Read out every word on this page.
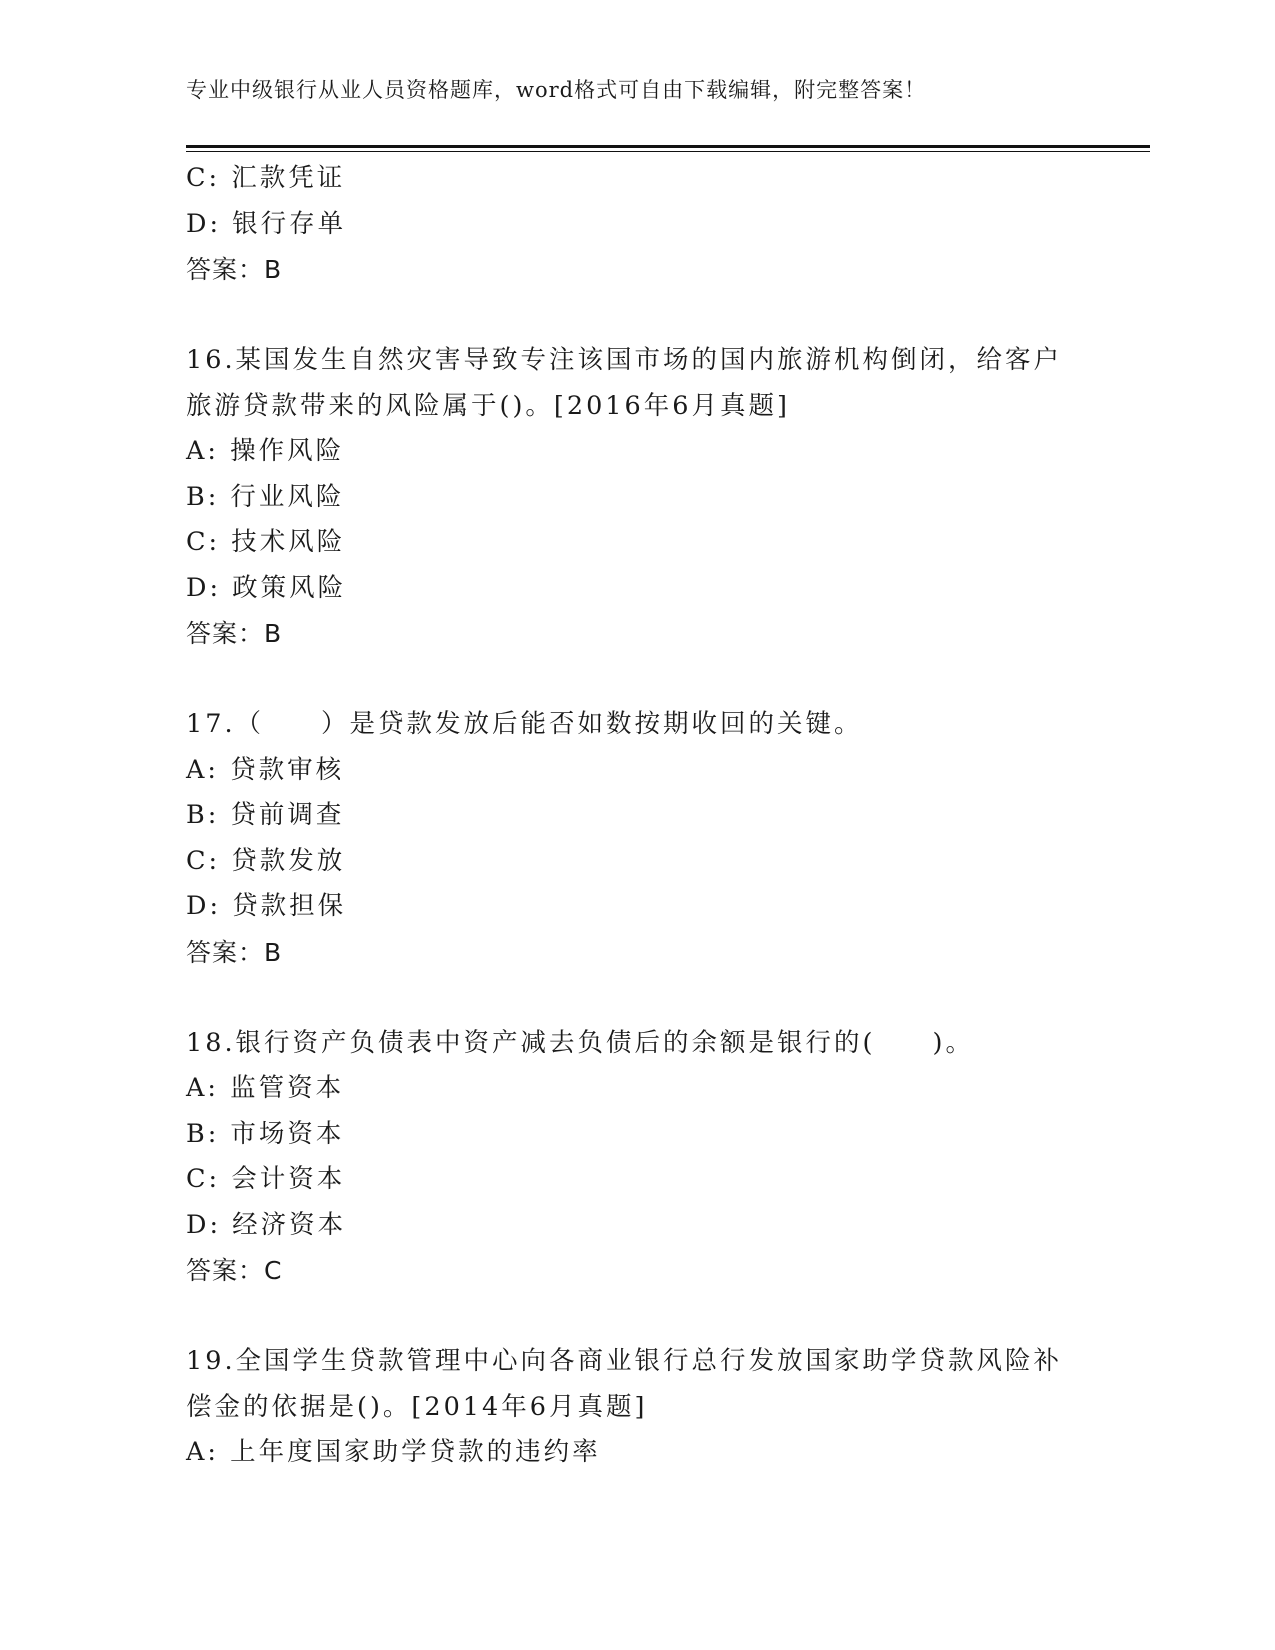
专业中级银行从业人员资格题库，word格式可自由下载编辑，附完整答案！
C: 汇款凭证
D: 银行存单
答案：B
16.某国发生自然灾害导致专注该国市场的国内旅游机构倒闭，给客户
旅游贷款带来的风险属于()。[2016年6月真题]
A: 操作风险
B: 行业风险
C: 技术风险
D: 政策风险
答案：B
17.（　　）是贷款发放后能否如数按期收回的关键。
A: 贷款审核
B: 贷前调查
C: 贷款发放
D: 贷款担保
答案：B
18.银行资产负债表中资产减去负债后的余额是银行的(　　)。
A: 监管资本
B: 市场资本
C: 会计资本
D: 经济资本
答案：C
19.全国学生贷款管理中心向各商业银行总行发放国家助学贷款风险补
偿金的依据是()。[2014年6月真题]
A: 上年度国家助学贷款的违约率
